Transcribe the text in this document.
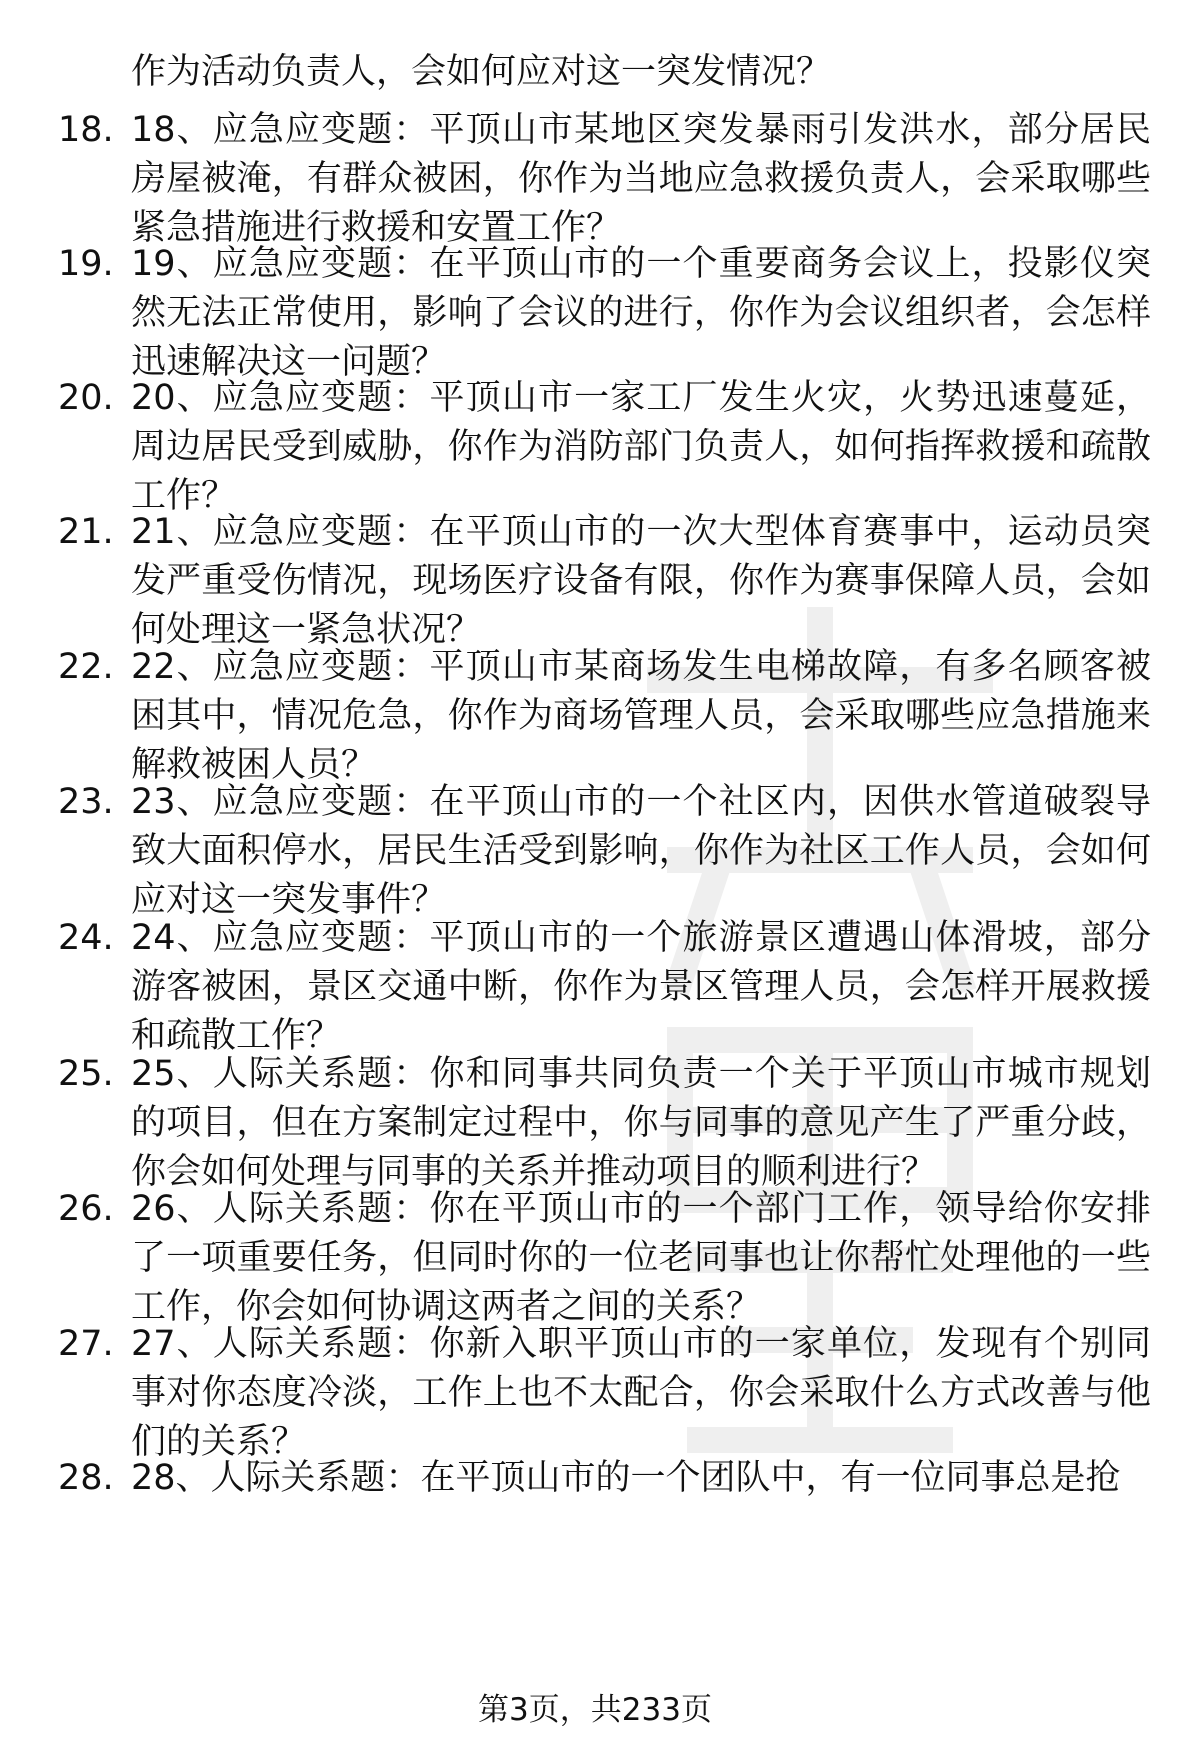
作为活动负责人，会如何应对这一突发情况？
18. 18、应急应变题：平顶山市某地区突发暴雨引发洪水，部分居民房屋被淹，有群众被困，你作为当地应急救援负责人，会采取哪些紧急措施进行救援和安置工作？
19. 19、应急应变题：在平顶山市的一个重要商务会议上，投影仪突然无法正常使用，影响了会议的进行，你作为会议组织者，会怎样迅速解决这一问题？
20. 20、应急应变题：平顶山市一家工厂发生火灾，火势迅速蔓延，周边居民受到威胁，你作为消防部门负责人，如何指挥救援和疏散工作？
21. 21、应急应变题：在平顶山市的一次大型体育赛事中，运动员突发严重受伤情况，现场医疗设备有限，你作为赛事保障人员，会如何处理这一紧急状况？
22. 22、应急应变题：平顶山市某商场发生电梯故障，有多名顾客被困其中，情况危急，你作为商场管理人员，会采取哪些应急措施来解救被困人员？
23. 23、应急应变题：在平顶山市的一个社区内，因供水管道破裂导致大面积停水，居民生活受到影响，你作为社区工作人员，会如何应对这一突发事件？
24. 24、应急应变题：平顶山市的一个旅游景区遭遇山体滑坡，部分游客被困，景区交通中断，你作为景区管理人员，会怎样开展救援和疏散工作？
25. 25、人际关系题：你和同事共同负责一个关于平顶山市城市规划的项目，但在方案制定过程中，你与同事的意见产生了严重分歧，你会如何处理与同事的关系并推动项目的顺利进行？
26. 26、人际关系题：你在平顶山市的一个部门工作，领导给你安排了一项重要任务，但同时你的一位老同事也让你帮忙处理他的一些工作，你会如何协调这两者之间的关系？
27. 27、人际关系题：你新入职平顶山市的一家单位，发现有个别同事对你态度冷淡，工作上也不太配合，你会采取什么方式改善与他们的关系？
28. 28、人际关系题：在平顶山市的一个团队中，有一位同事总是抢
第3页，共233页
